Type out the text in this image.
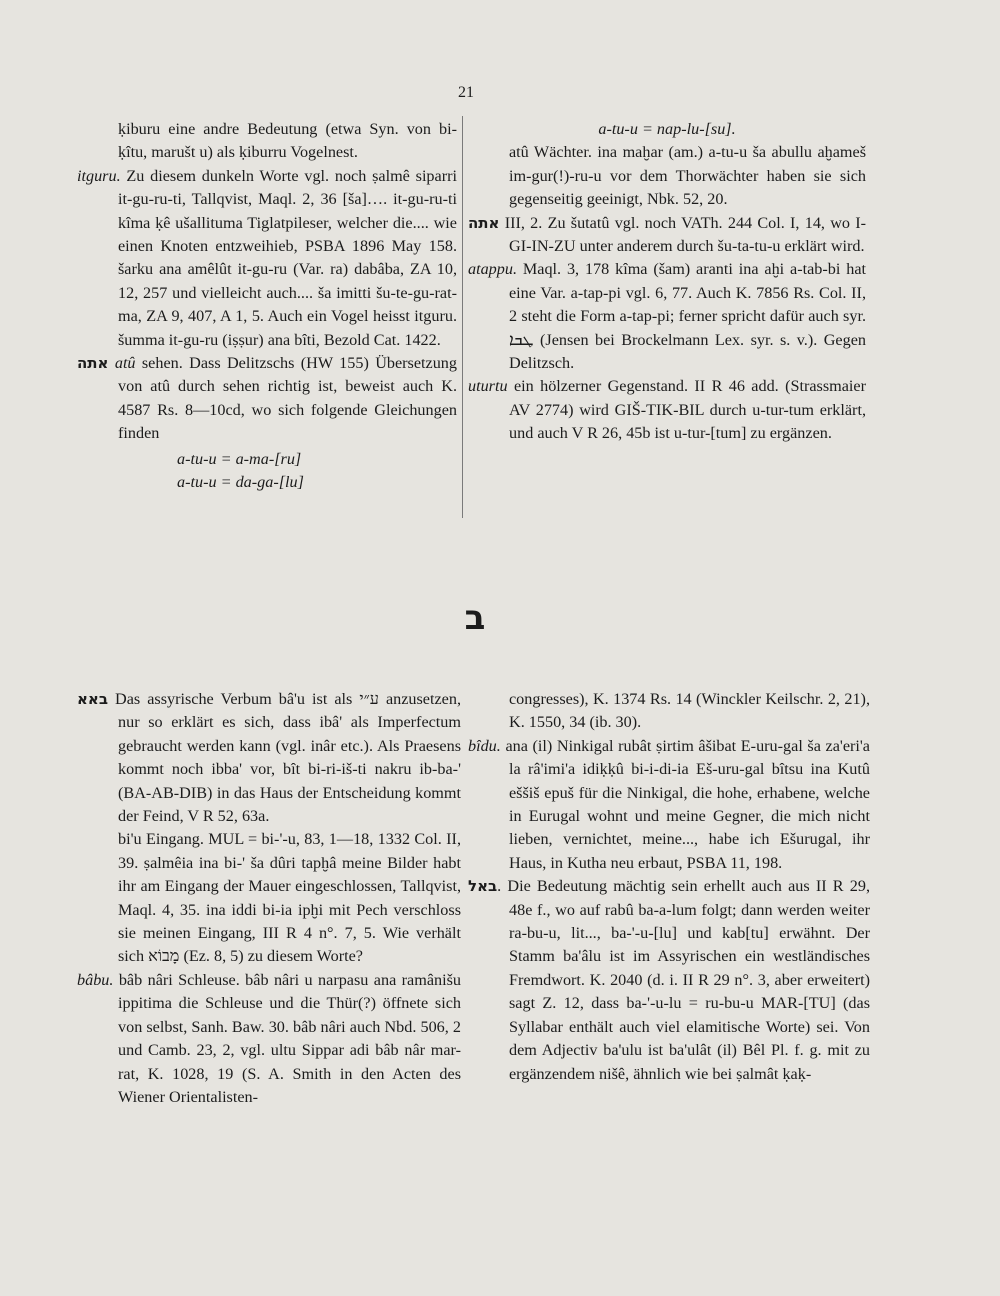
21

ḳiburu eine andre Bedeutung (etwa Syn. von bi-ḳîtu, marušt u) als ḳiburru Vogelnest.

itguru. Zu diesem dunkeln Worte vgl. noch ṣalmê siparri it-gu-ru-ti, Tallqvist, Maql. 2, 36 [ša]…. it-gu-ru-ti kîma ḳê ušallituma Tiglatpileser, welcher die.... wie einen Knoten entzweihieb, PSBA 1896 May 158. šarku ana amêlût it-gu-ru (Var. ra) dabâba, ZA 10, 12, 257 und vielleicht auch.... ša imitti šu-te-gu-rat-ma, ZA 9, 407, A 1, 5. Auch ein Vogel heisst itguru. šumma it-gu-ru (iṣṣur) ana bîti, Bezold Cat. 1422.

אתה atû sehen. Dass Delitzschs (HW 155) Übersetzung von atû durch sehen richtig ist, beweist auch K. 4587 Rs. 8—10cd, wo sich folgende Gleichungen finden

a-tu-u = a-ma-[ru]

a-tu-u = da-ga-[lu]

a-tu-u = nap-lu-[su].

atû Wächter. ina maḫar (am.) a-tu-u ša abullu aḫameš im-gur(!)-ru-u vor dem Thorwächter haben sie sich gegenseitig geeinigt, Nbk. 52, 20.

אתה III, 2. Zu šutatû vgl. noch VATh. 244 Col. I, 14, wo I-GI-IN-ZU unter anderem durch šu-ta-tu-u erklärt wird.

atappu. Maql. 3, 178 kîma (šam) aranti ina aḫi a-tab-bi hat eine Var. a-tap-pi vgl. 6, 77. Auch K. 7856 Rs. Col. II, 2 steht die Form a-tap-pi; ferner spricht dafür auch syr. ܛܒܐ (Jensen bei Brockelmann Lex. syr. s. v.). Gegen Delitzsch.

uturtu ein hölzerner Gegenstand. II R 46 add. (Strassmaier AV 2774) wird GIŠ-TIK-BIL durch u-tur-tum erklärt, und auch V R 26, 45b ist u-tur-[tum] zu ergänzen.

ב

באא Das assyrische Verbum bâ'u ist als ע״י anzusetzen, nur so erklärt es sich, dass ibâ' als Imperfectum gebraucht werden kann (vgl. inâr etc.). Als Praesens kommt noch ibba' vor, bît bi-ri-iš-ti nakru ib-ba-' (BA-AB-DIB) in das Haus der Entscheidung kommt der Feind, V R 52, 63a.

bi'u Eingang. MUL = bi-'-u, 83, 1—18, 1332 Col. II, 39. ṣalmêia ina bi-' ša dûri tapḫâ meine Bilder habt ihr am Eingang der Mauer eingeschlossen, Tallqvist, Maql. 4, 35. ina iddi bi-ia ipḫi mit Pech verschloss sie meinen Eingang, III R 4 n°. 7, 5. Wie verhält sich מָבוֹא (Ez. 8, 5) zu diesem Worte?

bâbu. bâb nâri Schleuse. bâb nâri u narpasu ana ramânišu ippitima die Schleuse und die Thür(?) öffnete sich von selbst, Sanh. Baw. 30. bâb nâri auch Nbd. 506, 2 und Camb. 23, 2, vgl. ultu Sippar adi bâb nâr mar-rat, K. 1028, 19 (S. A. Smith in den Acten des Wiener Orientalisten-

congresses), K. 1374 Rs. 14 (Winckler Keilschr. 2, 21), K. 1550, 34 (ib. 30).

bîdu. ana (il) Ninkigal rubât ṣirtim âšibat E-uru-gal ša za'eri'a la râ'imi'a idiḳḳû bi-i-di-ia Eš-uru-gal bîtsu ina Kutû eššiš epuš für die Ninkigal, die hohe, erhabene, welche in Eurugal wohnt und meine Gegner, die mich nicht lieben, vernichtet, meine..., habe ich Ešurugal, ihr Haus, in Kutha neu erbaut, PSBA 11, 198.

באל. Die Bedeutung mächtig sein erhellt auch aus II R 29, 48e f., wo auf rabû ba-a-lum folgt; dann werden weiter ra-bu-u, lit..., ba-'-u-[lu] und kab[tu] erwähnt. Der Stamm ba'âlu ist im Assyrischen ein westländisches Fremdwort. K. 2040 (d. i. II R 29 n°. 3, aber erweitert) sagt Z. 12, dass ba-'-u-lu = ru-bu-u MAR-[TU] (das Syllabar enthält auch viel elamitische Worte) sei. Von dem Adjectiv ba'ulu ist ba'ulât (il) Bêl Pl. f. g. mit zu ergänzendem nišê, ähnlich wie bei ṣalmât ḳaḳ-
